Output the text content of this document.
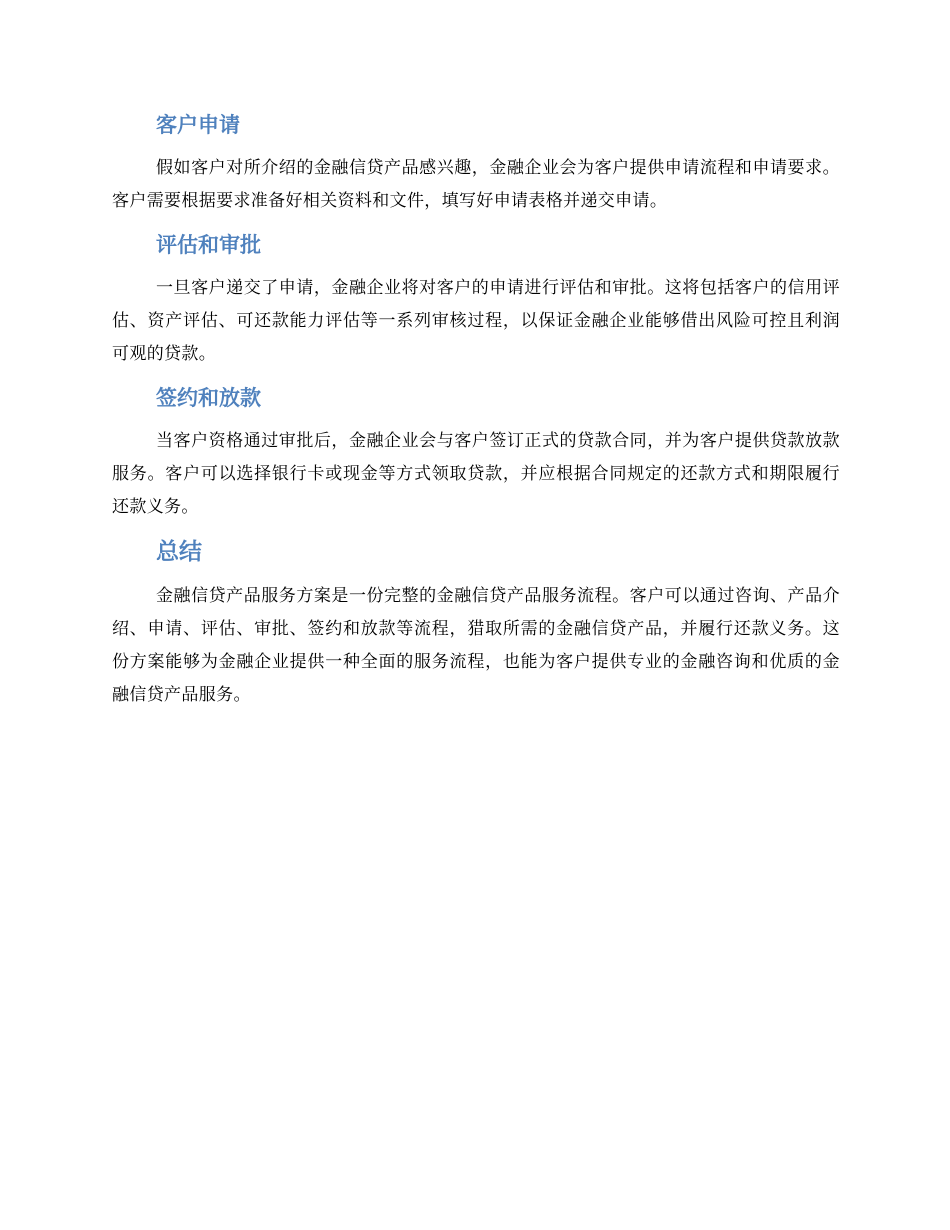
客户申请

假如客户对所介绍的金融信贷产品感兴趣，金融企业会为客户提供申请流程和申请要求。客户需要根据要求准备好相关资料和文件，填写好申请表格并递交申请。

评估和审批

一旦客户递交了申请，金融企业将对客户的申请进行评估和审批。这将包括客户的信用评估、资产评估、可还款能力评估等一系列审核过程，以保证金融企业能够借出风险可控且利润可观的贷款。

签约和放款

当客户资格通过审批后，金融企业会与客户签订正式的贷款合同，并为客户提供贷款放款服务。客户可以选择银行卡或现金等方式领取贷款，并应根据合同规定的还款方式和期限履行还款义务。

总结

金融信贷产品服务方案是一份完整的金融信贷产品服务流程。客户可以通过咨询、产品介绍、申请、评估、审批、签约和放款等流程，猎取所需的金融信贷产品，并履行还款义务。这份方案能够为金融企业提供一种全面的服务流程，也能为客户提供专业的金融咨询和优质的金融信贷产品服务。
